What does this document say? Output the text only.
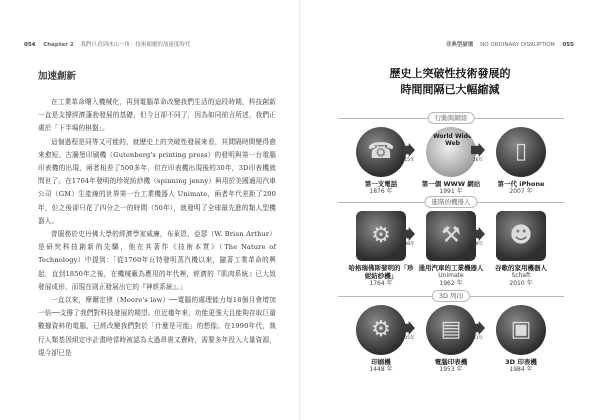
054 Chapter 2 我們只看到冰山一角：技術顛覆的加速度時代
加速創新

在工業革命曙入機械化，再到電腦革命改變我們生活的這段時期，科技創新一直是支撐經濟蓬勃發展的基礎，但今日卻不同了，因為如同前言所述，我們正處於「下半場的棋盤」。

這個過程是同等又可能的，就歷史上的突破性發展來看，其間隔時間變得愈來愈短。古騰堡印刷機（Gutenberg's printing press）的發明與第一台電腦印表機的出現，兩者相差了500多年，但在印表機出現後的30年，3D印表機就問世了。在1764年發明的珍妮紡紗機（spinning jenny）與用於美國通用汽車公司（GM）生產線的世界第一台工業機器人 Unimate，兩者年代差距了200年，但之後卻只花了四分之一的時間（50年），就發明了全球最先進的類人型機器人。

曾服務於史丹佛大學的經濟學家威廉，布萊恩，亞瑟（W. Brian Arthur）是研究科技創新的先驅，他在其著作《技術本質》（The Nature of Technology）中提到：「從1760年瓦特發明蒸汽機以來，隨著工業革命的興起，直到1850年之後，在機械廠為應用的年代裡，經濟的『肌肉系統』已大致發展成形，而現在則正發展出它的『神經系統』。」

一直以來，摩爾定律（Moore's law）──電腦的處理能力每18個月會增加一倍──支撐了我們對科技發展的期望。但近幾年來，功能更強大且能夠存取巨量數據資料的電腦，已經改變我們對於「什麼是可能」的想像。在1990年代，執行人類基因組定序計畫時當時被認為太過昂貴又費時，需要多年投入大量資源，現今卻已是

非典型破壞 NO ORDINARY DISRUPTION 055
歷史上突破性技術發展的
時間間隔已大幅縮減
行動與網絡
☎
第一支電話
1876 年
World Wide Web
第一個 WWW 網站
1991 年
▯
第一代 iPhone
2007 年
115年	16年
進階的機器人
⚙
哈格瑞佛斯發明的「珍妮紡紗機」
1764 年
⚒
通用汽車的工業機器人
Unimate
1962 年
☻
谷歌的家用機器人
Schaft
2010 年
198年	48年
3D 列印
⚙
印刷機
1448 年
▤
電腦印表機
1953 年
▣
3D 印表機
1984 年
505年	31年
